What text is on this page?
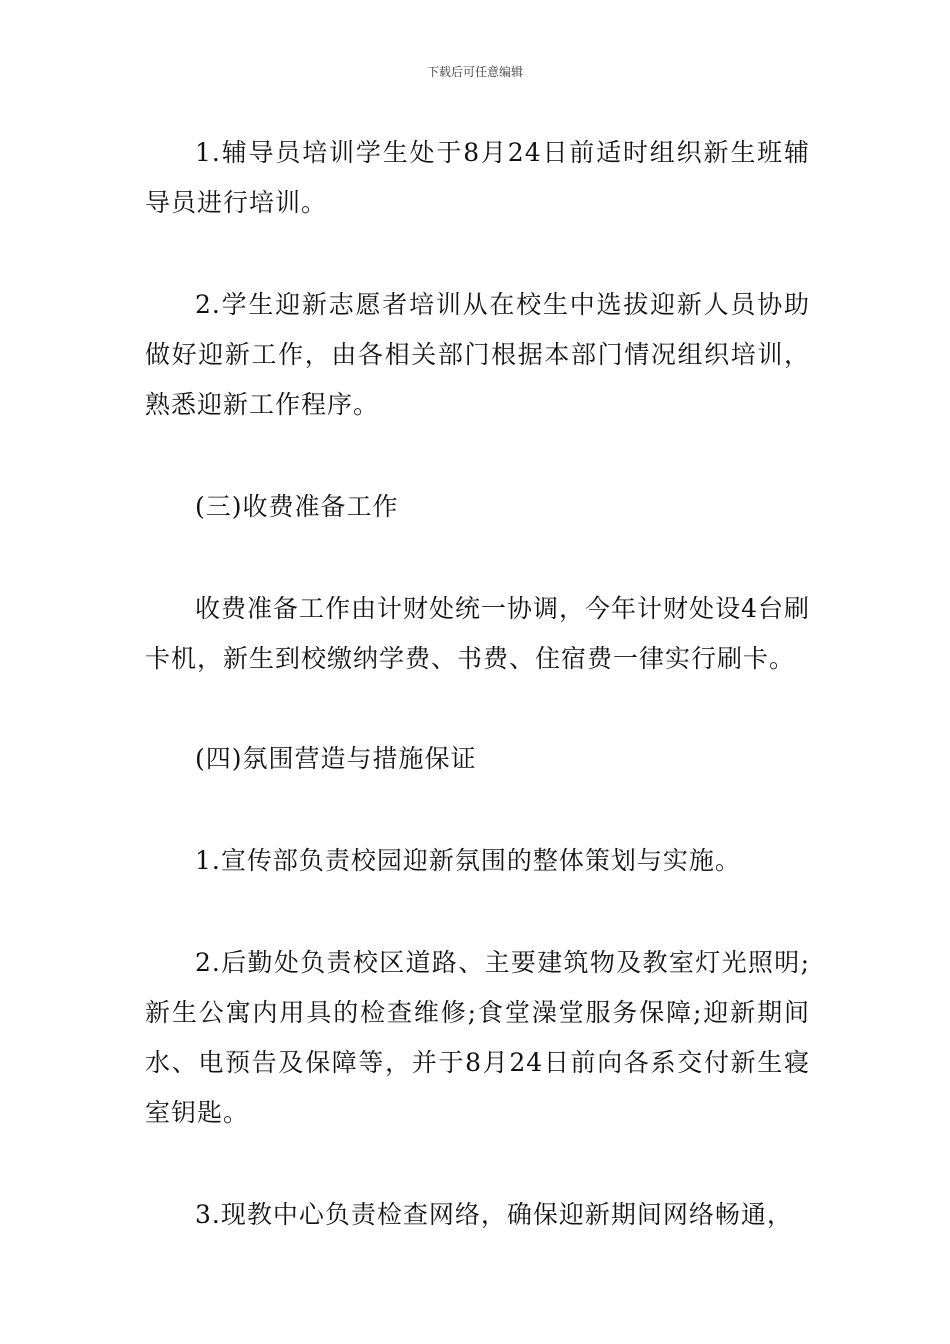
下载后可任意编辑

1.辅导员培训学生处于8月24日前适时组织新生班辅导员进行培训。

2.学生迎新志愿者培训从在校生中选拔迎新人员协助做好迎新工作，由各相关部门根据本部门情况组织培训，熟悉迎新工作程序。

(三)收费准备工作

收费准备工作由计财处统一协调，今年计财处设4台刷卡机，新生到校缴纳学费、书费、住宿费一律实行刷卡。

(四)氛围营造与措施保证

1.宣传部负责校园迎新氛围的整体策划与实施。

2.后勤处负责校区道路、主要建筑物及教室灯光照明;新生公寓内用具的检查维修;食堂澡堂服务保障;迎新期间水、电预告及保障等，并于8月24日前向各系交付新生寝室钥匙。

3.现教中心负责检查网络，确保迎新期间网络畅通，
